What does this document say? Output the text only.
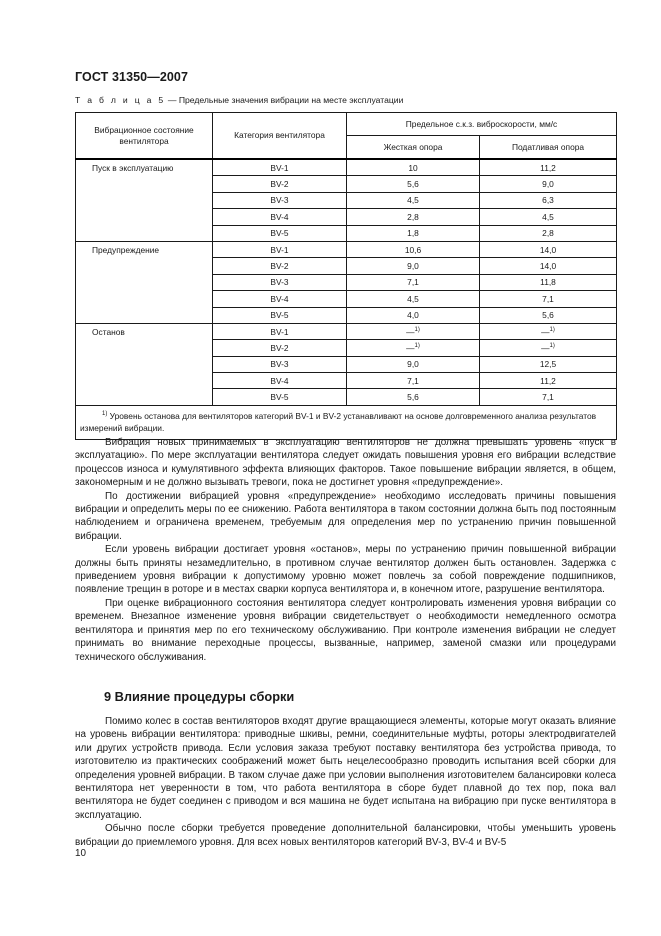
ГОСТ 31350—2007
Т а б л и ц а 5 — Предельные значения вибрации на месте эксплуатации
Вибрационное состояние вентилятора	Категория вентилятора	Предельное с.к.з. виброскорости, мм/с	
		Жесткая опора	Податливая опора
Пуск в эксплуатацию	BV-1	10	11,2
	BV-2	5,6	9,0
	BV-3	4,5	6,3
	BV-4	2,8	4,5
	BV-5	1,8	2,8
Предупреждение	BV-1	10,6	14,0
	BV-2	9,0	14,0
	BV-3	7,1	11,8
	BV-4	4,5	7,1
	BV-5	4,0	5,6
Останов	BV-1	—$^{1)}$	—$^{1)}$
	BV-2	—$^{1)}$	—$^{1)}$
	BV-3	9,0	12,5
	BV-4	7,1	11,2
	BV-5	5,6	7,1
$^{1)}$ Уровень останова для вентиляторов категорий BV-1 и BV-2 устанавливают на основе долговременного анализа результатов измерений вибрации.			

Вибрация новых принимаемых в эксплуатацию вентиляторов не должна превышать уровень «пуск в эксплуатацию». По мере эксплуатации вентилятора следует ожидать повышения уровня его вибрации вследствие процессов износа и кумулятивного эффекта влияющих факторов. Такое повышение вибрации является, в общем, закономерным и не должно вызывать тревоги, пока не достигнет уровня «предупреждение».

По достижении вибрацией уровня «предупреждение» необходимо исследовать причины повышения вибрации и определить меры по ее снижению. Работа вентилятора в таком состоянии должна быть под постоянным наблюдением и ограничена временем, требуемым для определения мер по устранению причин повышенной вибрации.

Если уровень вибрации достигает уровня «останов», меры по устранению причин повышенной вибрации должны быть приняты незамедлительно, в противном случае вентилятор должен быть остановлен. Задержка с приведением уровня вибрации к допустимому уровню может повлечь за собой повреждение подшипников, появление трещин в роторе и в местах сварки корпуса вентилятора и, в конечном итоге, разрушение вентилятора.

При оценке вибрационного состояния вентилятора следует контролировать изменения уровня вибрации со временем. Внезапное изменение уровня вибрации свидетельствует о необходимости немедленного осмотра вентилятора и принятия мер по его техническому обслуживанию. При контроле изменения вибрации не следует принимать во внимание переходные процессы, вызванные, например, заменой смазки или процедурами технического обслуживания.

9 Влияние процедуры сборки

Помимо колес в состав вентиляторов входят другие вращающиеся элементы, которые могут оказать влияние на уровень вибрации вентилятора: приводные шкивы, ремни, соединительные муфты, роторы электродвигателей или других устройств привода. Если условия заказа требуют поставку вентилятора без устройства привода, то изготовителю из практических соображений может быть нецелесообразно проводить испытания всей сборки для определения уровней вибрации. В таком случае даже при условии выполнения изготовителем балансировки колеса вентилятора нет уверенности в том, что работа вентилятора в сборе будет плавной до тех пор, пока вал вентилятора не будет соединен с приводом и вся машина не будет испытана на вибрацию при пуске вентилятора в эксплуатацию.

Обычно после сборки требуется проведение дополнительной балансировки, чтобы уменьшить уровень вибрации до приемлемого уровня. Для всех новых вентиляторов категорий BV-3, BV-4 и BV-5

10
